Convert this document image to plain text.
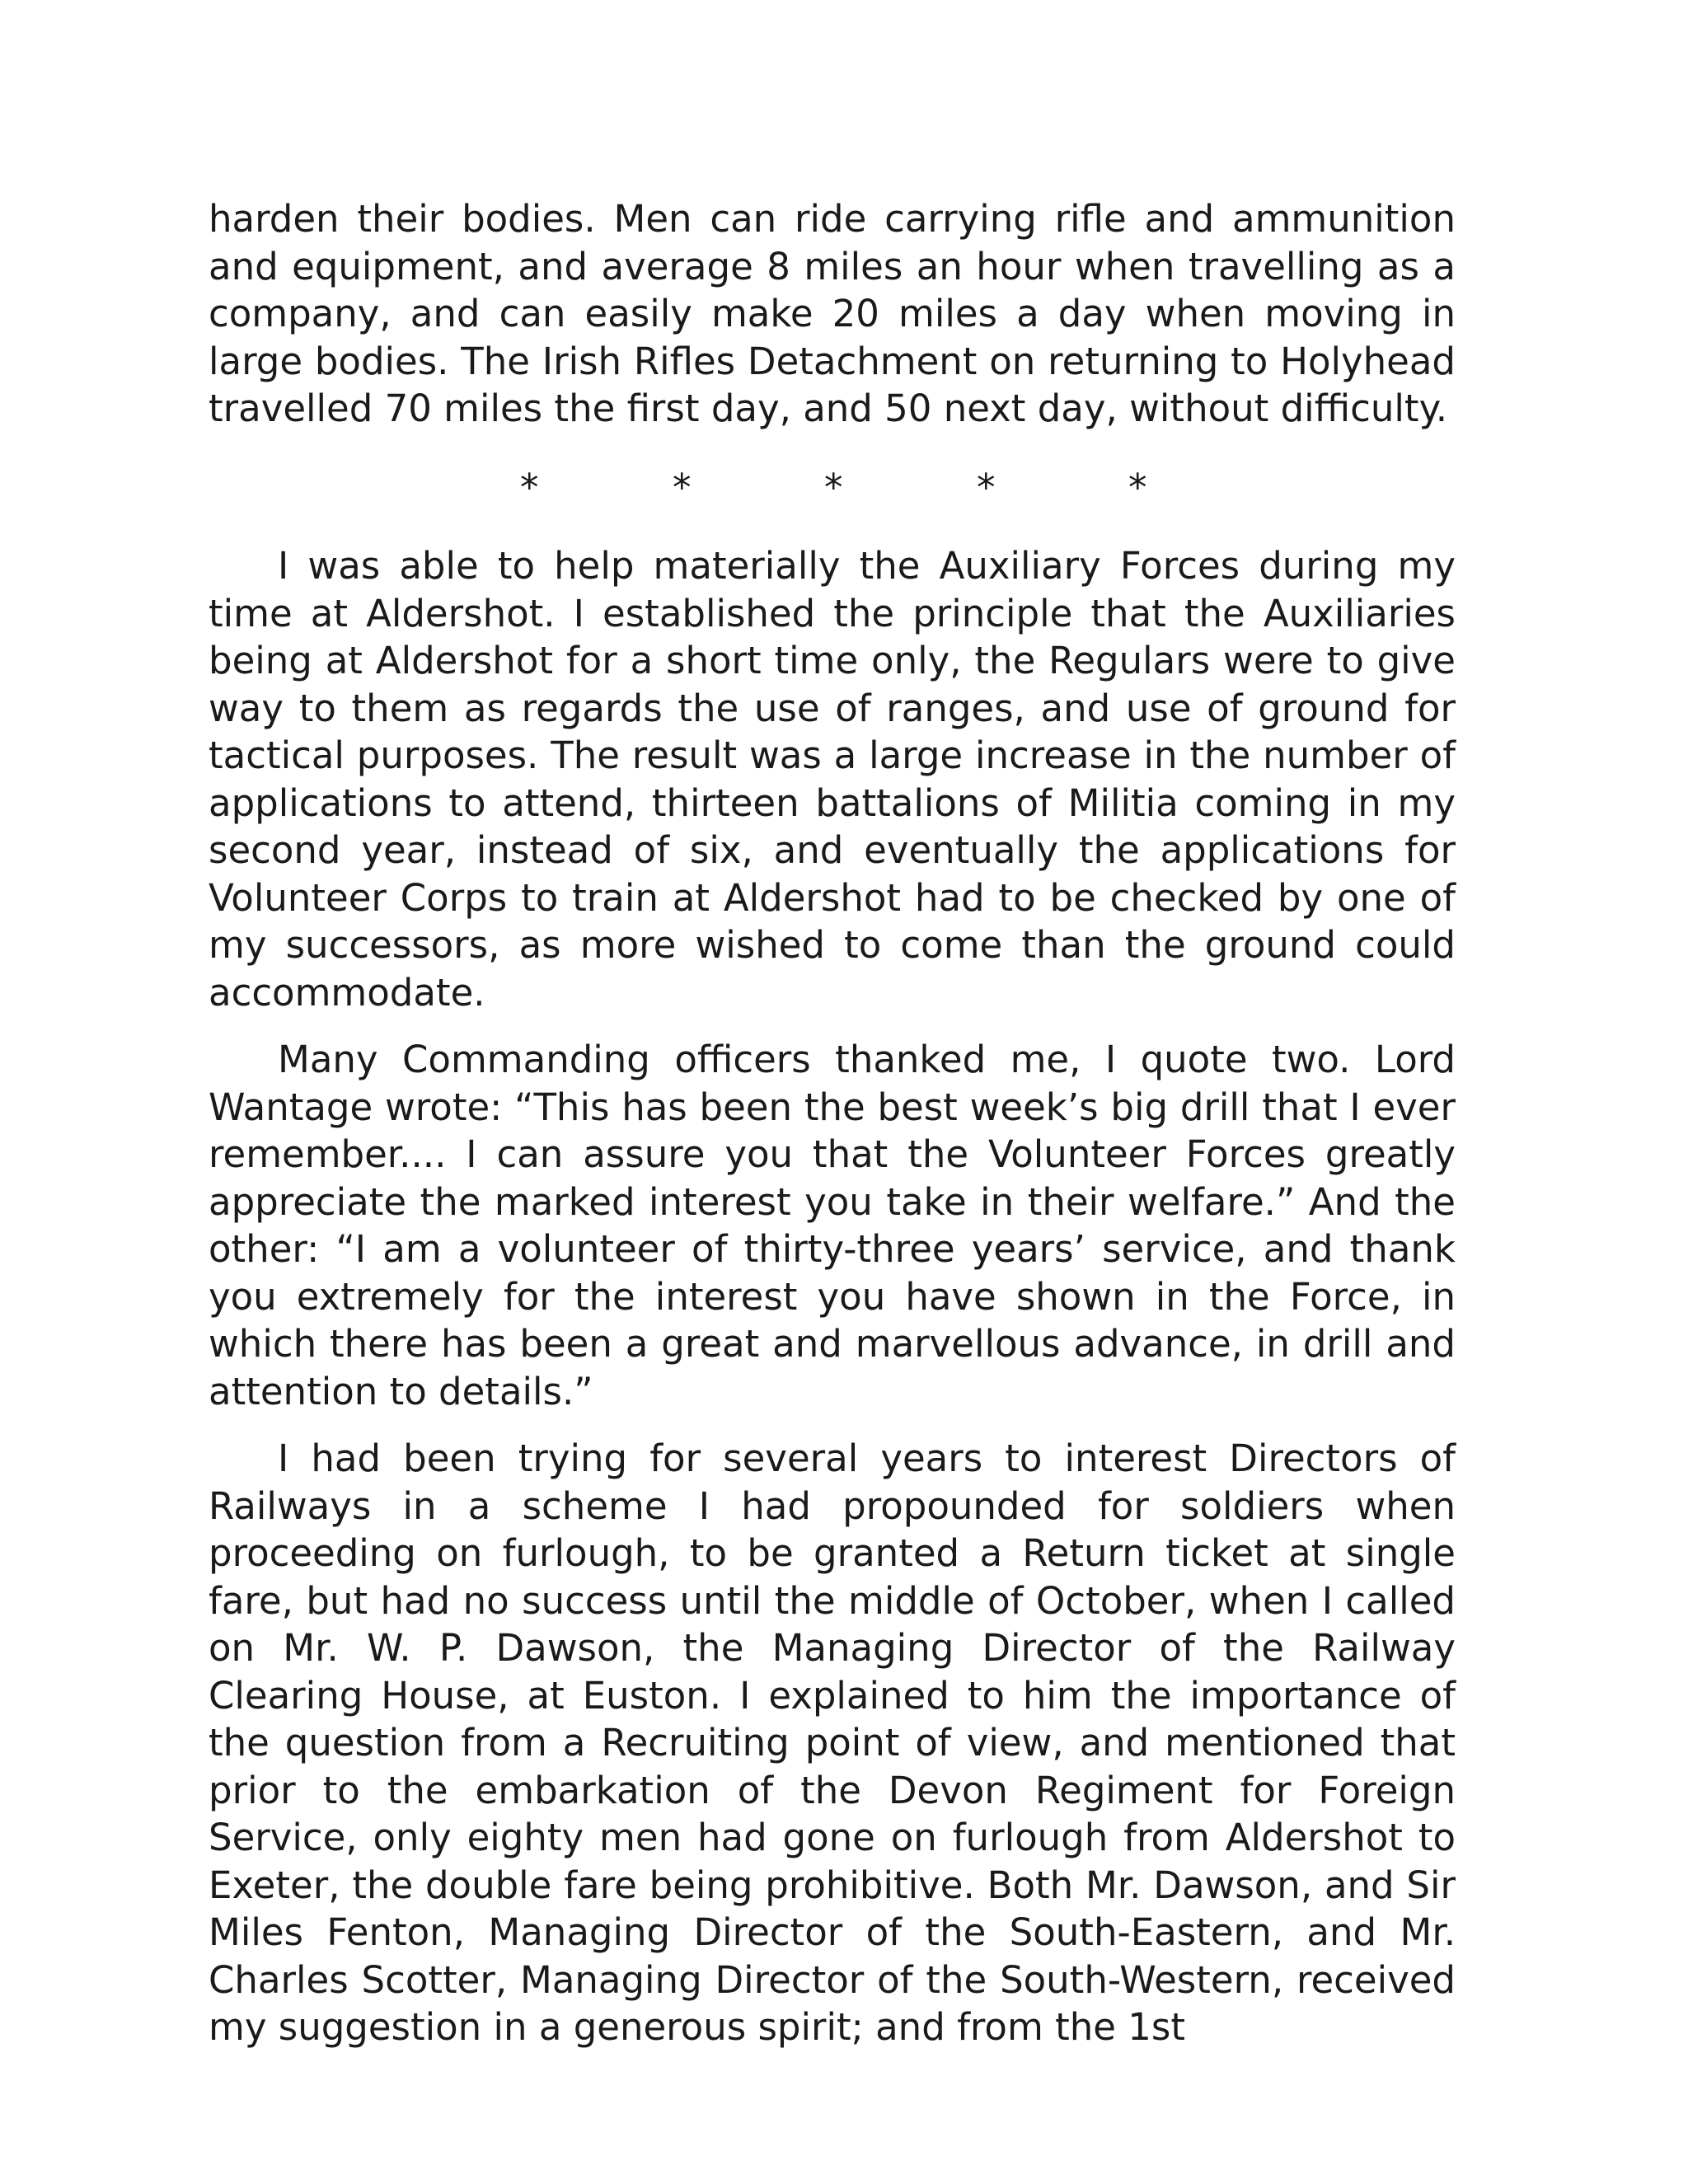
harden their bodies. Men can ride carrying rifle and ammunition and equipment, and average 8 miles an hour when travelling as a company, and can easily make 20 miles a day when moving in large bodies. The Irish Rifles Detachment on returning to Holyhead travelled 70 miles the first day, and 50 next day, without difficulty.

*	*	*	*	*

I was able to help materially the Auxiliary Forces during my time at Aldershot. I established the principle that the Auxiliaries being at Aldershot for a short time only, the Regulars were to give way to them as regards the use of ranges, and use of ground for tactical purposes. The result was a large increase in the number of applications to attend, thirteen battalions of Militia coming in my second year, instead of six, and eventually the applications for Volunteer Corps to train at Aldershot had to be checked by one of my successors, as more wished to come than the ground could accommodate.

Many Commanding officers thanked me, I quote two. Lord Wantage wrote: “This has been the best week’s big drill that I ever remember.... I can assure you that the Volunteer Forces greatly appreciate the marked interest you take in their welfare.” And the other: “I am a volunteer of thirty-three years’ service, and thank you extremely for the interest you have shown in the Force, in which there has been a great and marvellous advance, in drill and attention to details.”

I had been trying for several years to interest Directors of Railways in a scheme I had propounded for soldiers when proceeding on furlough, to be granted a Return ticket at single fare, but had no success until the middle of October, when I called on Mr. W. P. Dawson, the Managing Director of the Railway Clearing House, at Euston. I explained to him the importance of the question from a Recruiting point of view, and mentioned that prior to the embarkation of the Devon Regiment for Foreign Service, only eighty men had gone on furlough from Aldershot to Exeter, the double fare being prohibitive. Both Mr. Dawson, and Sir Miles Fenton, Managing Director of the South-Eastern, and Mr. Charles Scotter, Managing Director of the South-Western, received my suggestion in a generous spirit; and from the 1st
